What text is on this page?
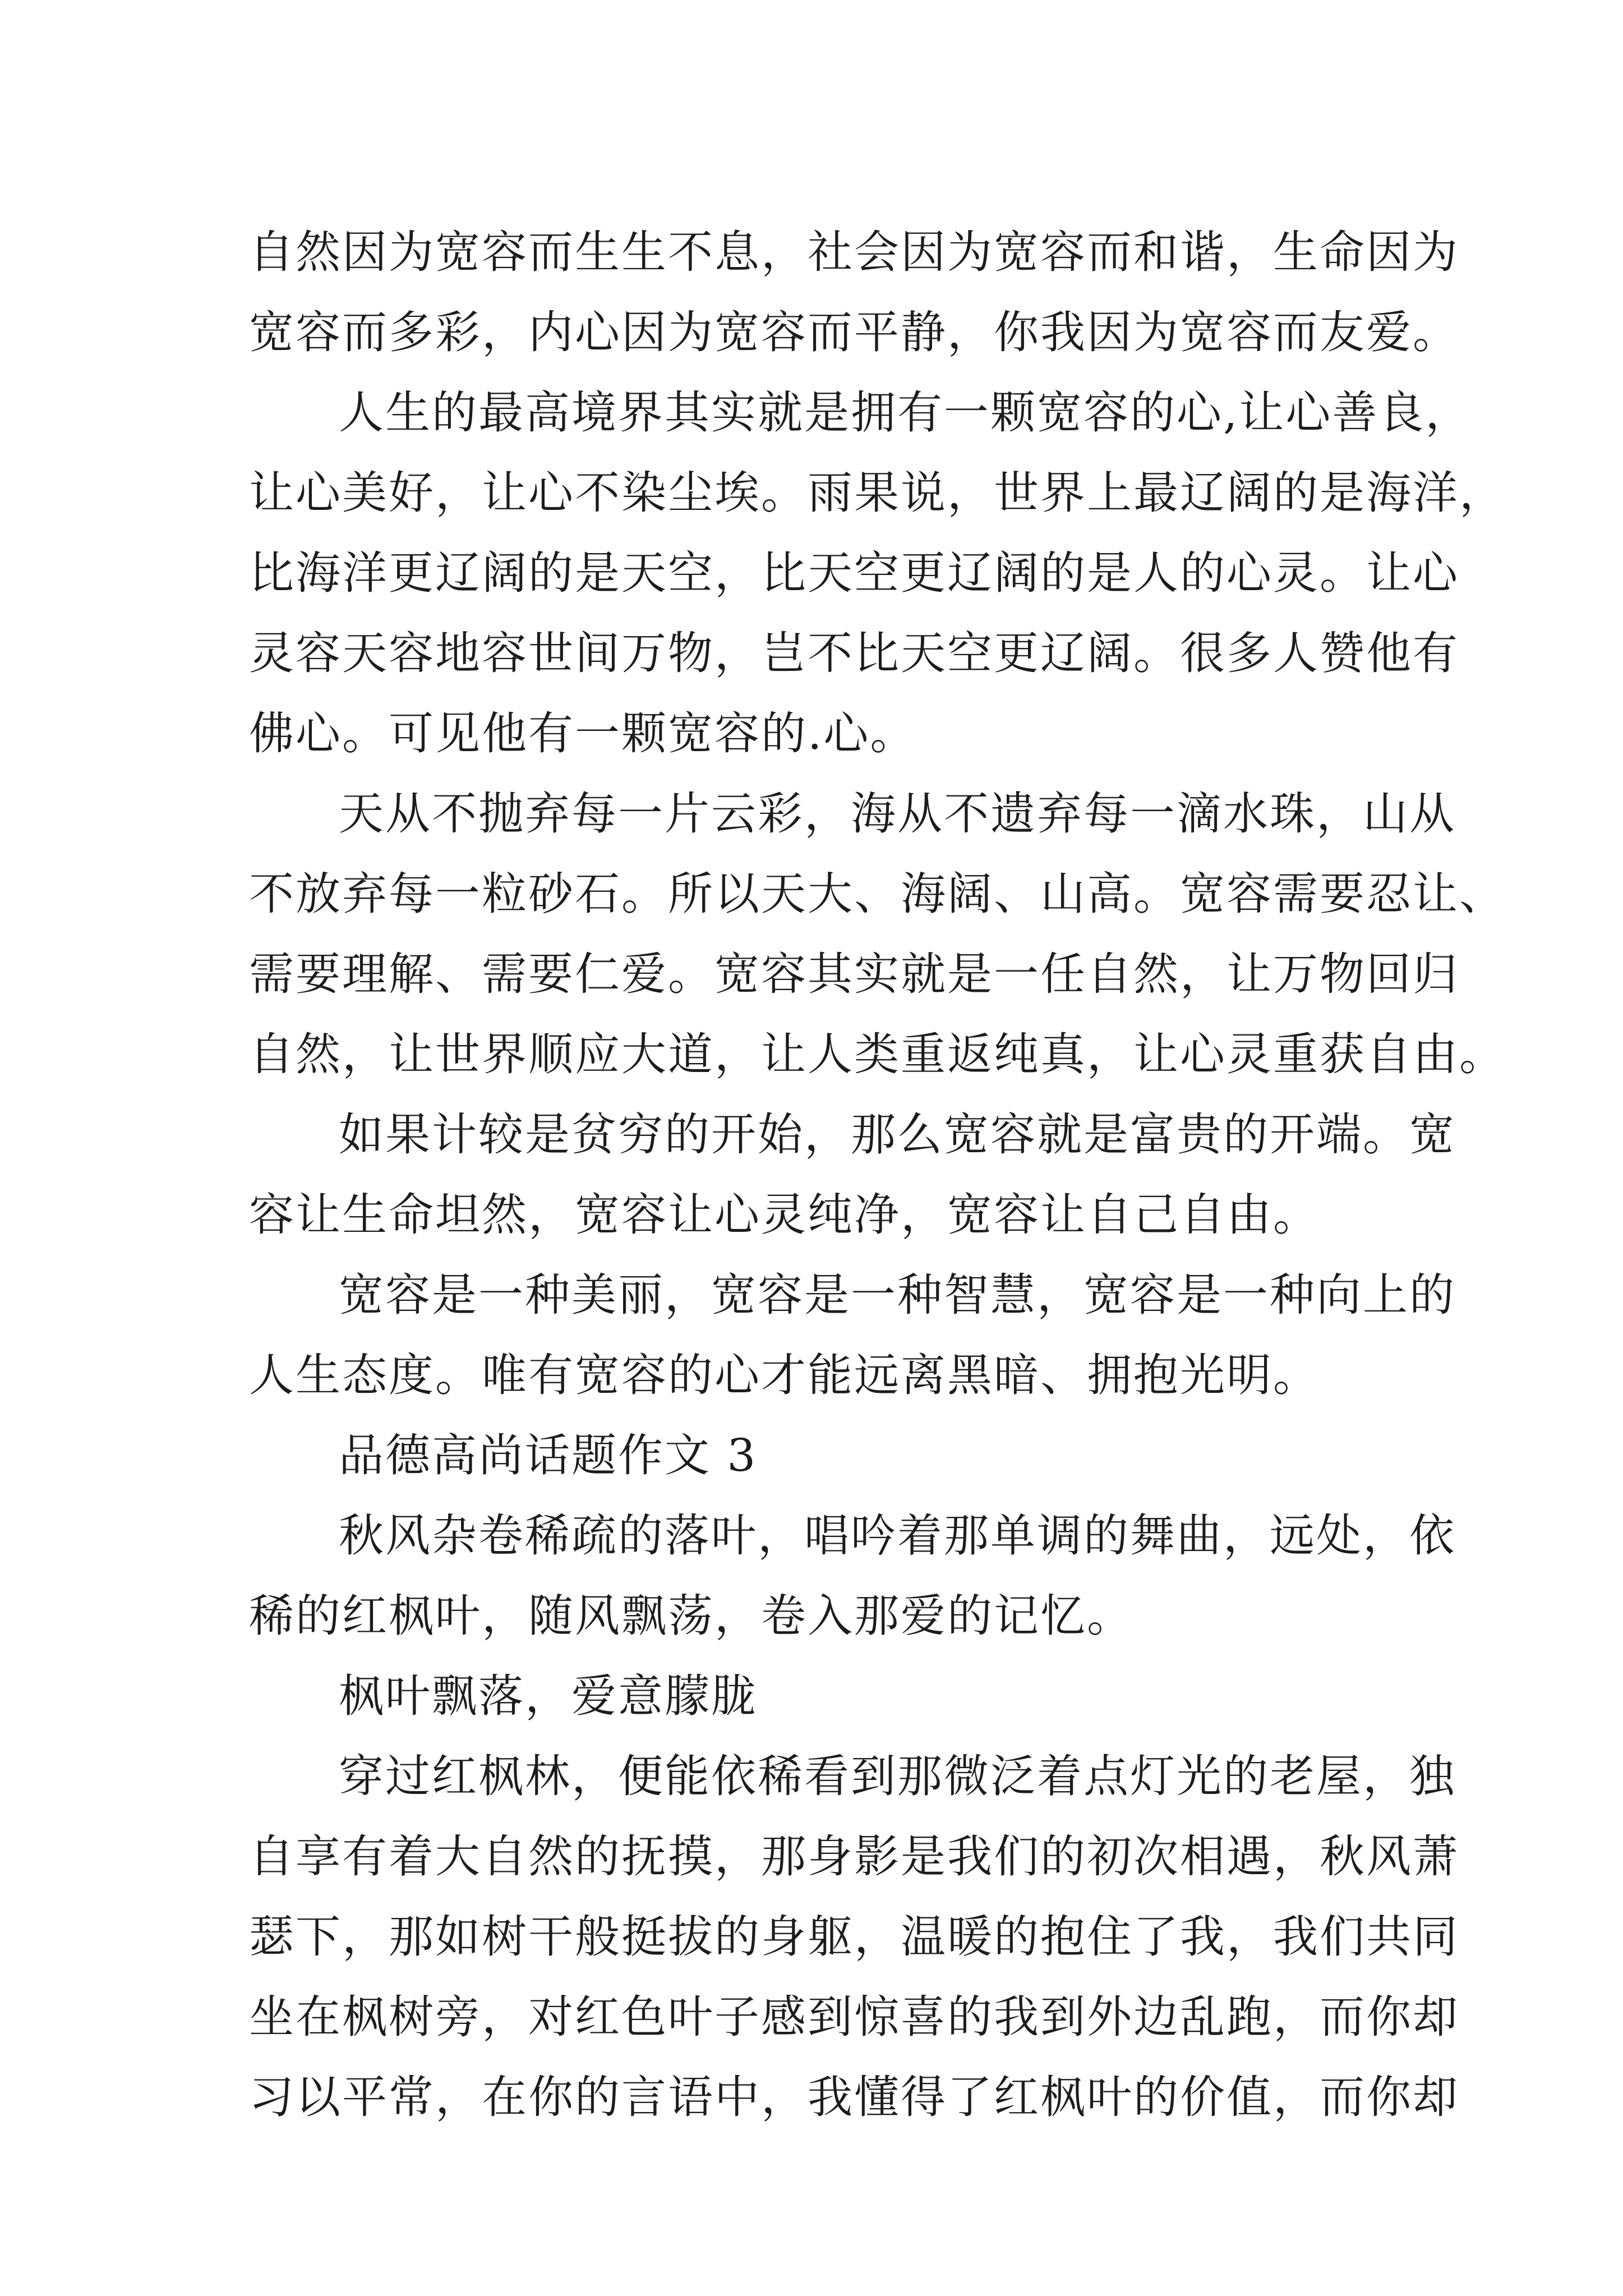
自然因为宽容而生生不息，社会因为宽容而和谐，生命因为
宽容而多彩，内心因为宽容而平静，你我因为宽容而友爱。
人生的最高境界其实就是拥有一颗宽容的心,让心善良，
让心美好，让心不染尘埃。雨果说，世界上最辽阔的是海洋，
比海洋更辽阔的是天空，比天空更辽阔的是人的心灵。让心
灵容天容地容世间万物，岂不比天空更辽阔。很多人赞他有
佛心。可见他有一颗宽容的.心。
天从不抛弃每一片云彩，海从不遗弃每一滴水珠，山从
不放弃每一粒砂石。所以天大、海阔、山高。宽容需要忍让、
需要理解、需要仁爱。宽容其实就是一任自然，让万物回归
自然，让世界顺应大道，让人类重返纯真，让心灵重获自由。
如果计较是贫穷的开始，那么宽容就是富贵的开端。宽
容让生命坦然，宽容让心灵纯净，宽容让自己自由。
宽容是一种美丽，宽容是一种智慧，宽容是一种向上的
人生态度。唯有宽容的心才能远离黑暗、拥抱光明。
品德高尚话题作文 3
秋风杂卷稀疏的落叶，唱吟着那单调的舞曲，远处，依
稀的红枫叶，随风飘荡，卷入那爱的记忆。
枫叶飘落，爱意朦胧
穿过红枫林，便能依稀看到那微泛着点灯光的老屋，独
自享有着大自然的抚摸，那身影是我们的初次相遇，秋风萧
瑟下，那如树干般挺拔的身躯，温暖的抱住了我，我们共同
坐在枫树旁，对红色叶子感到惊喜的我到外边乱跑，而你却
习以平常，在你的言语中，我懂得了红枫叶的价值，而你却
